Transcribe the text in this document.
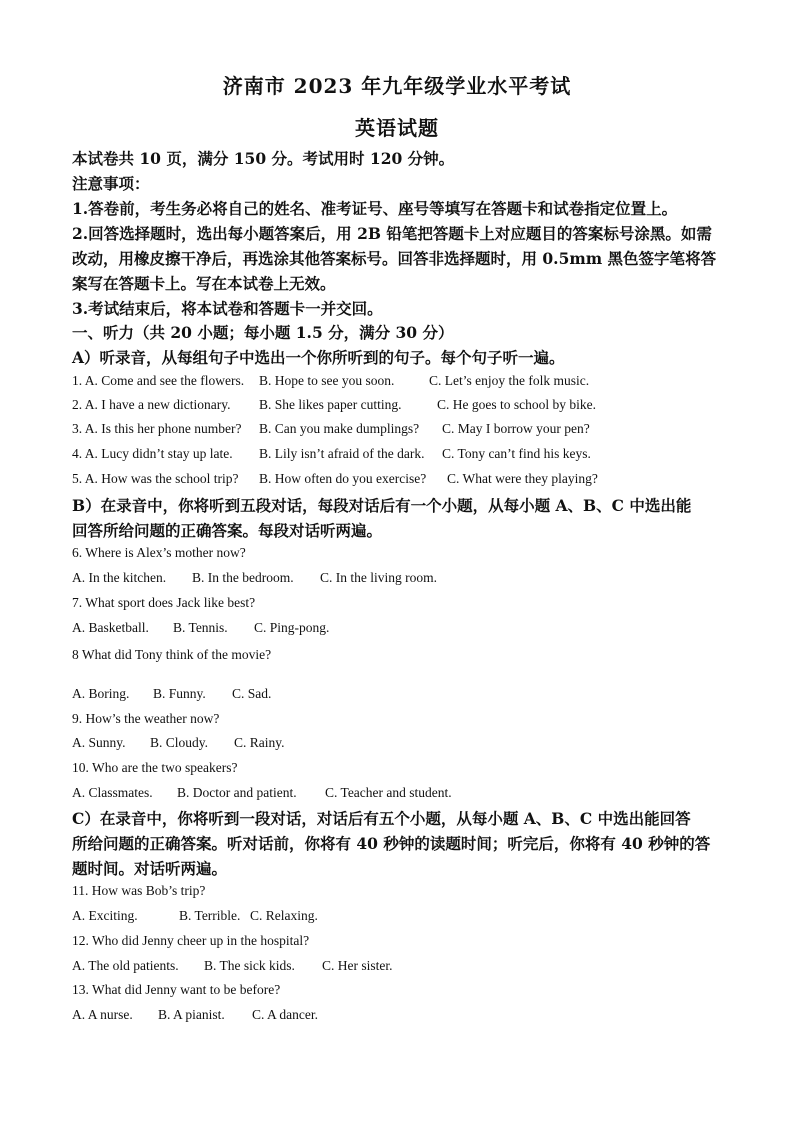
济南市 2023 年九年级学业水平考试
英语试题
本试卷共 10 页，满分 150 分。考试用时 120 分钟。
注意事项：
1.答卷前，考生务必将自己的姓名、准考证号、座号等填写在答题卡和试卷指定位置上。
2.回答选择题时，选出每小题答案后，用 2B 铅笔把答题卡上对应题目的答案标号涂黑。如需
改动，用橡皮擦干净后，再选涂其他答案标号。回答非选择题时，用 0.5mm 黑色签字笔将答
案写在答题卡上。写在本试卷上无效。
3.考试结束后，将本试卷和答题卡一并交回。
一、听力（共 20 小题；每小题 1.5 分，满分 30 分）
A）听录音，从每组句子中选出一个你所听到的句子。每个句子听一遍。
1. A. Come and see the flowers.	B. Hope to see you soon.	C. Let’s enjoy the folk music.
2. A. I have a new dictionary.	B. She likes paper cutting.	C. He goes to school by bike.
3. A. Is this her phone number?	B. Can you make dumplings?	C. May I borrow your pen?
4. A. Lucy didn’t stay up late.	B. Lily isn’t afraid of the dark.	C. Tony can’t find his keys.
5. A. How was the school trip?	B. How often do you exercise?	C. What were they playing?
B）在录音中，你将听到五段对话，每段对话后有一个小题，从每小题 A、B、C 中选出能
回答所给问题的正确答案。每段对话听两遍。
6. Where is Alex’s mother now?
A. In the kitchen.	B. In the bedroom.	C. In the living room.
7. What sport does Jack like best?
A. Basketball.	B. Tennis.	C. Ping-pong.
8 What did Tony think of the movie?
A. Boring.	B. Funny.	C. Sad.
9. How’s the weather now?
A. Sunny.	B. Cloudy.	C. Rainy.
10. Who are the two speakers?
A. Classmates.	B. Doctor and patient.	C. Teacher and student.
C）在录音中，你将听到一段对话，对话后有五个小题，从每小题 A、B、C 中选出能回答
所给问题的正确答案。听对话前，你将有 40 秒钟的读题时间；听完后，你将有 40 秒钟的答
题时间。对话听两遍。
11. How was Bob’s trip?
A. Exciting.	B. Terrible. C. Relaxing.
12. Who did Jenny cheer up in the hospital?
A. The old patients.	B. The sick kids.	C. Her sister.
13. What did Jenny want to be before?
A. A nurse.	B. A pianist.	C. A dancer.
